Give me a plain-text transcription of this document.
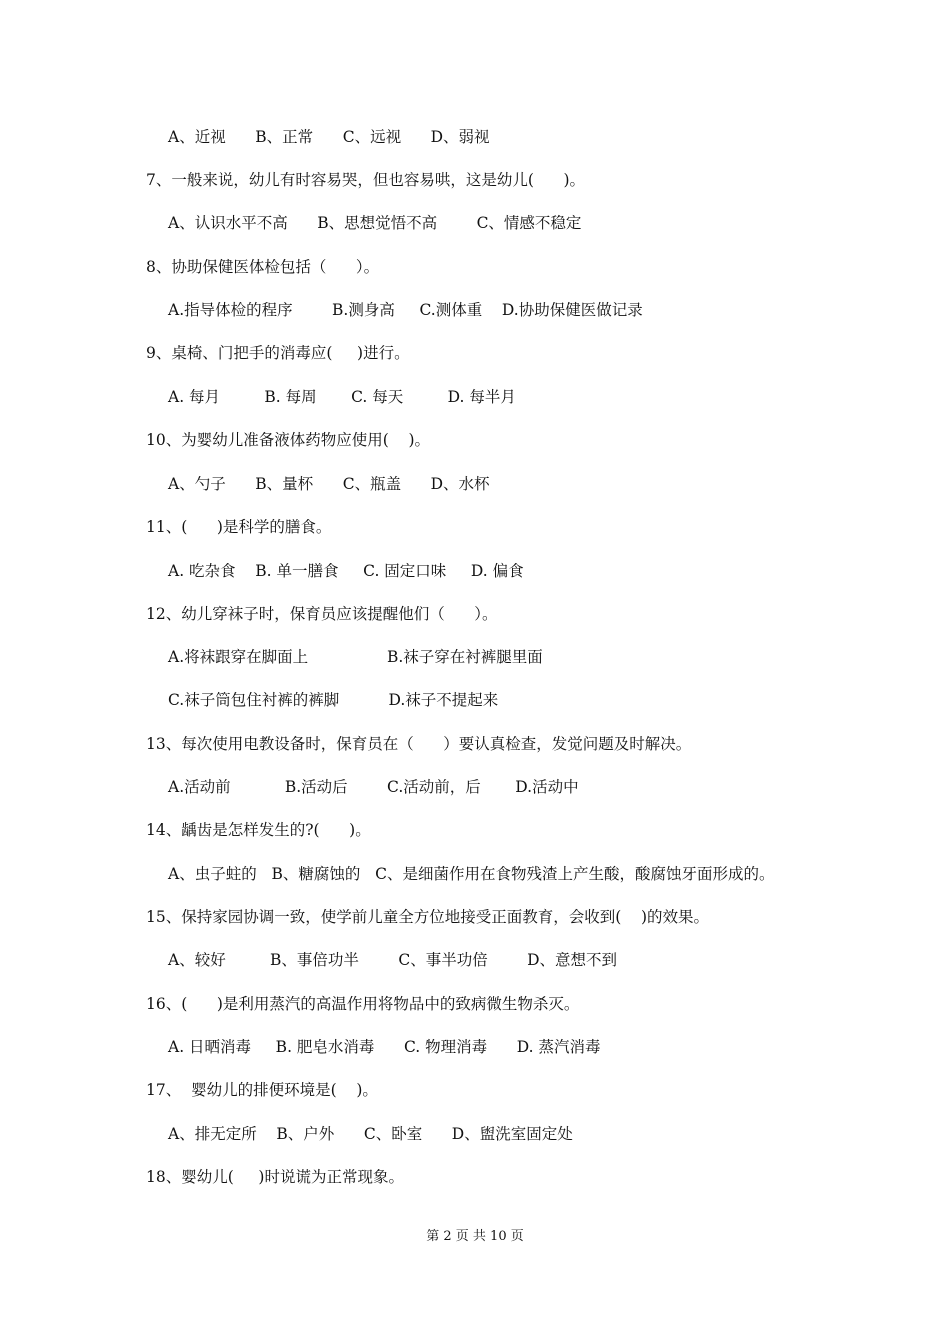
A、近视      B、正常      C、远视      D、弱视
7、一般来说，幼儿有时容易哭，但也容易哄，这是幼儿(      )。
A、认识水平不高      B、思想觉悟不高        C、情感不稳定
8、协助保健医体检包括（      ）。
A.指导体检的程序        B.测身高     C.测体重    D.协助保健医做记录
9、桌椅、门把手的消毒应(     )进行。
A. 每月         B. 每周       C. 每天         D. 每半月
10、为婴幼儿准备液体药物应使用(    )。
A、勺子      B、量杯      C、瓶盖      D、水杯
11、(      )是科学的膳食。
A. 吃杂食    B. 单一膳食     C. 固定口味     D. 偏食
12、幼儿穿袜子时，保育员应该提醒他们（      ）。
A.将袜跟穿在脚面上                B.袜子穿在衬裤腿里面
C.袜子筒包住衬裤的裤脚          D.袜子不提起来
13、每次使用电教设备时，保育员在（      ）要认真检查，发觉问题及时解决。
A.活动前           B.活动后        C.活动前，后       D.活动中
14、龋齿是怎样发生的?(      )。
A、虫子蛀的   B、糖腐蚀的   C、是细菌作用在食物残渣上产生酸，酸腐蚀牙面形成的。
15、保持家园协调一致，使学前儿童全方位地接受正面教育，会收到(    )的效果。
A、较好         B、事倍功半        C、事半功倍        D、意想不到
16、(      )是利用蒸汽的高温作用将物品中的致病微生物杀灭。
A. 日晒消毒     B. 肥皂水消毒      C. 物理消毒      D. 蒸汽消毒
17、  婴幼儿的排便环境是(    )。
A、排无定所    B、户外      C、卧室      D、盥洗室固定处
18、婴幼儿(     )时说谎为正常现象。
第 2 页 共 10 页
